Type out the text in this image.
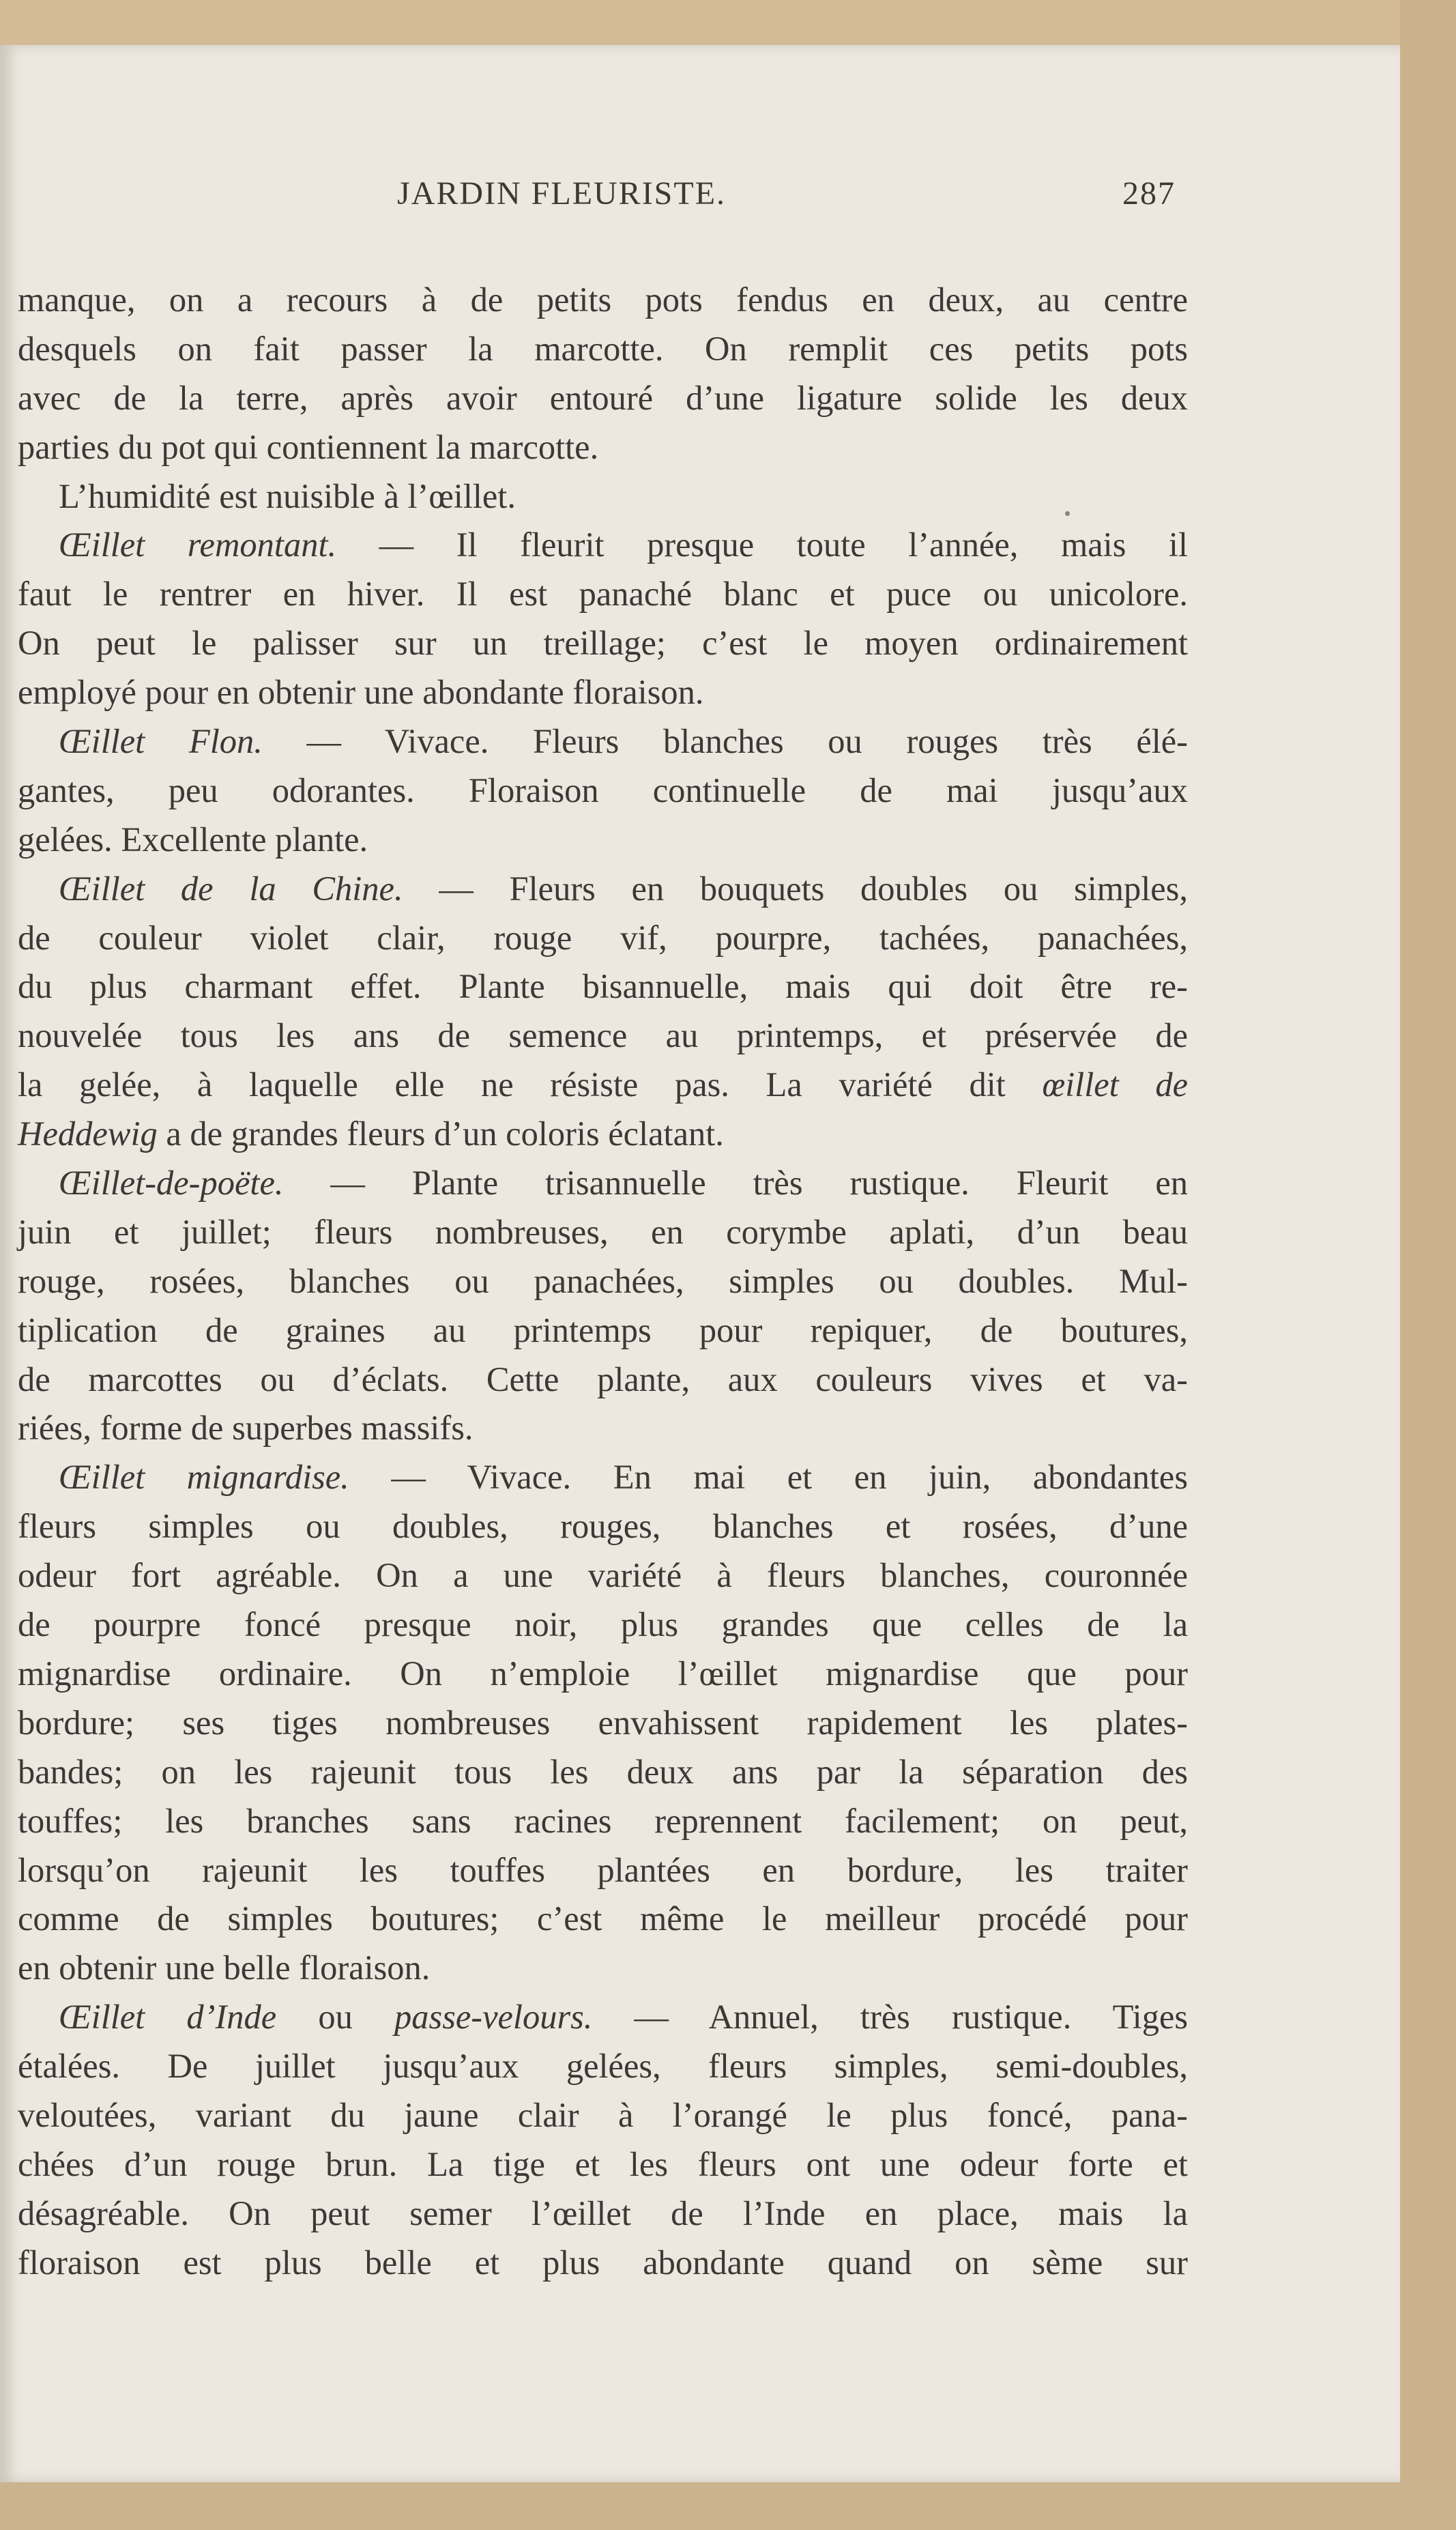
JARDIN FLEURISTE.	287
manque, on a recours à de petits pots fendus en deux, au centre
desquels on fait passer la marcotte. On remplit ces petits pots
avec de la terre, après avoir entouré d’une ligature solide les deux
parties du pot qui contiennent la marcotte.
L’humidité est nuisible à l’œillet.
Œillet remontant. — Il fleurit presque toute l’année, mais il
faut le rentrer en hiver. Il est panaché blanc et puce ou unicolore.
On peut le palisser sur un treillage; c’est le moyen ordinairement
employé pour en obtenir une abondante floraison.
Œillet Flon. — Vivace. Fleurs blanches ou rouges très élé-
gantes, peu odorantes. Floraison continuelle de mai jusqu’aux
gelées. Excellente plante.
Œillet de la Chine. — Fleurs en bouquets doubles ou simples,
de couleur violet clair, rouge vif, pourpre, tachées, panachées,
du plus charmant effet. Plante bisannuelle, mais qui doit être re-
nouvelée tous les ans de semence au printemps, et préservée de
la gelée, à laquelle elle ne résiste pas. La variété dit œillet de
Heddewig a de grandes fleurs d’un coloris éclatant.
Œillet-de-poëte. — Plante trisannuelle très rustique. Fleurit en
juin et juillet; fleurs nombreuses, en corymbe aplati, d’un beau
rouge, rosées, blanches ou panachées, simples ou doubles. Mul-
tiplication de graines au printemps pour repiquer, de boutures,
de marcottes ou d’éclats. Cette plante, aux couleurs vives et va-
riées, forme de superbes massifs.
Œillet mignardise. — Vivace. En mai et en juin, abondantes
fleurs simples ou doubles, rouges, blanches et rosées, d’une
odeur fort agréable. On a une variété à fleurs blanches, couronnée
de pourpre foncé presque noir, plus grandes que celles de la
mignardise ordinaire. On n’emploie l’œillet mignardise que pour
bordure; ses tiges nombreuses envahissent rapidement les plates-
bandes; on les rajeunit tous les deux ans par la séparation des
touffes; les branches sans racines reprennent facilement; on peut,
lorsqu’on rajeunit les touffes plantées en bordure, les traiter
comme de simples boutures; c’est même le meilleur procédé pour
en obtenir une belle floraison.
Œillet d’Inde ou passe-velours. — Annuel, très rustique. Tiges
étalées. De juillet jusqu’aux gelées, fleurs simples, semi-doubles,
veloutées, variant du jaune clair à l’orangé le plus foncé, pana-
chées d’un rouge brun. La tige et les fleurs ont une odeur forte et
désagréable. On peut semer l’œillet de l’Inde en place, mais la
floraison est plus belle et plus abondante quand on sème sur
